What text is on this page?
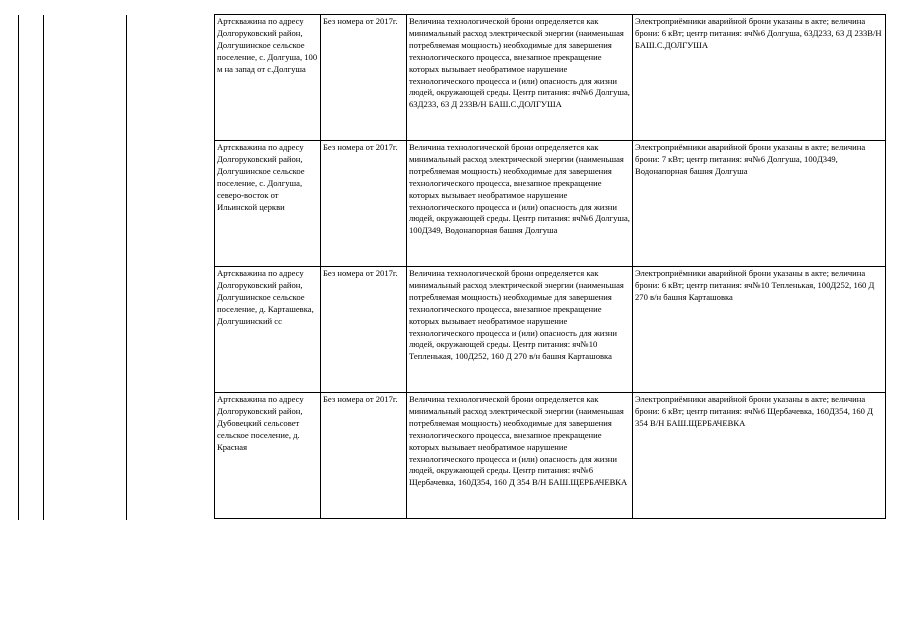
Артскважина по адресу Долгоруковский район, Долгушинское сельское поселение, с. Долгуша, 100 м на запад от с.Долгуша	Без номера от 2017г.	Величина технологической брони определяется как минимальный расход электрической энергии (наименьшая потребляемая мощность) необходимые для завершения технологического процесса, внезапное прекращение которых вызывает необратимое нарушение технологического процесса и (или) опасность для жизни людей, окружающей среды. Центр питания: яч№6 Долгуша, 63Д233, 63 Д 233В/Н БАШ.С.ДОЛГУША	Электроприёмники аварийной брони указаны в акте; величина брони: 6 кВт; центр питания: яч№6 Долгуша, 63Д233, 63 Д 233В/Н БАШ.С.ДОЛГУША
Артскважина по адресу Долгоруковский район, Долгушинское сельское поселение, с. Долгуша, северо-восток от Ильинской церкви	Без номера от 2017г.	Величина технологической брони определяется как минимальный расход электрической энергии (наименьшая потребляемая мощность) необходимые для завершения технологического процесса, внезапное прекращение которых вызывает необратимое нарушение технологического процесса и (или) опасность для жизни людей, окружающей среды. Центр питания: яч№6 Долгуша, 100Д349, Водонапорная башня Долгуша	Электроприёмники аварийной брони указаны в акте; величина брони: 7 кВт; центр питания: яч№6 Долгуша, 100Д349, Водонапорная башня Долгуша
Артскважина по адресу Долгоруковский район, Долгушинское сельское поселение, д. Карташевка, Долгушинский сс	Без номера от 2017г.	Величина технологической брони определяется как минимальный расход электрической энергии (наименьшая потребляемая мощность) необходимые для завершения технологического процесса, внезапное прекращение которых вызывает необратимое нарушение технологического процесса и (или) опасность для жизни людей, окружающей среды. Центр питания: яч№10 Тепленькая, 100Д252, 160 Д 270 в/н башня Карташовка	Электроприёмники аварийной брони указаны в акте; величина брони: 6 кВт; центр питания: яч№10 Тепленькая, 100Д252, 160 Д 270 в/н башня Карташовка
Артскважина по адресу Долгоруковский район, Дубовецкий сельсовет сельское поселение, д. Красная	Без номера от 2017г.	Величина технологической брони определяется как минимальный расход электрической энергии (наименьшая потребляемая мощность) необходимые для завершения технологического процесса, внезапное прекращение которых вызывает необратимое нарушение технологического процесса и (или) опасность для жизни людей, окружающей среды. Центр питания: яч№6 Щербачевка, 160Д354, 160 Д 354 В/Н БАШ.ЩЕРБАЧЕВКА	Электроприёмники аварийной брони указаны в акте; величина брони: 6 кВт; центр питания: яч№6 Щербачевка, 160Д354, 160 Д 354 В/Н БАШ.ЩЕРБАЧЕВКА
